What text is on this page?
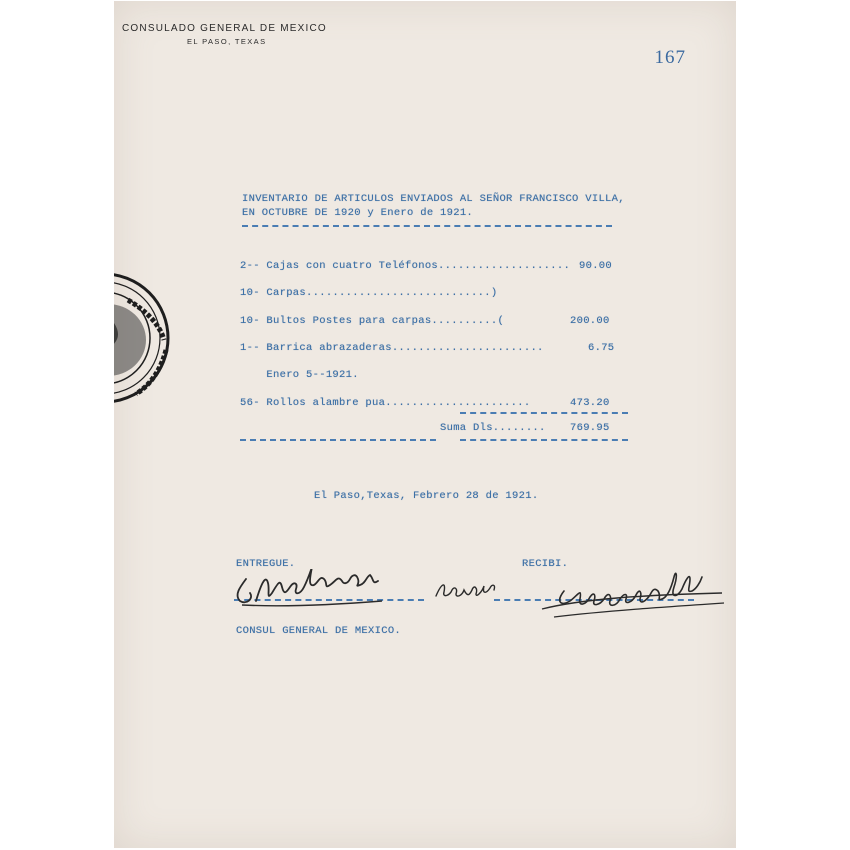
CONSULADO GENERAL DE MEXICO
EL PASO, TEXAS
167
INVENTARIO DE ARTICULOS ENVIADOS AL SEÑOR FRANCISCO VILLA,
EN OCTUBRE DE 1920 y Enero de 1921.
2-- Cajas con cuatro Teléfonos.................... 90.00
10- Carpas............................)
10- Bultos Postes para carpas..........(	200.00
1-- Barrica abrazaderas.......................	6.75
Enero 5--1921.
56- Rollos alambre pua......................	473.20
Suma Dls........ 769.95
El Paso,Texas, Febrero 28 de 1921.
ENTREGUE.	RECIBI.
CONSUL GENERAL DE MEXICO.
